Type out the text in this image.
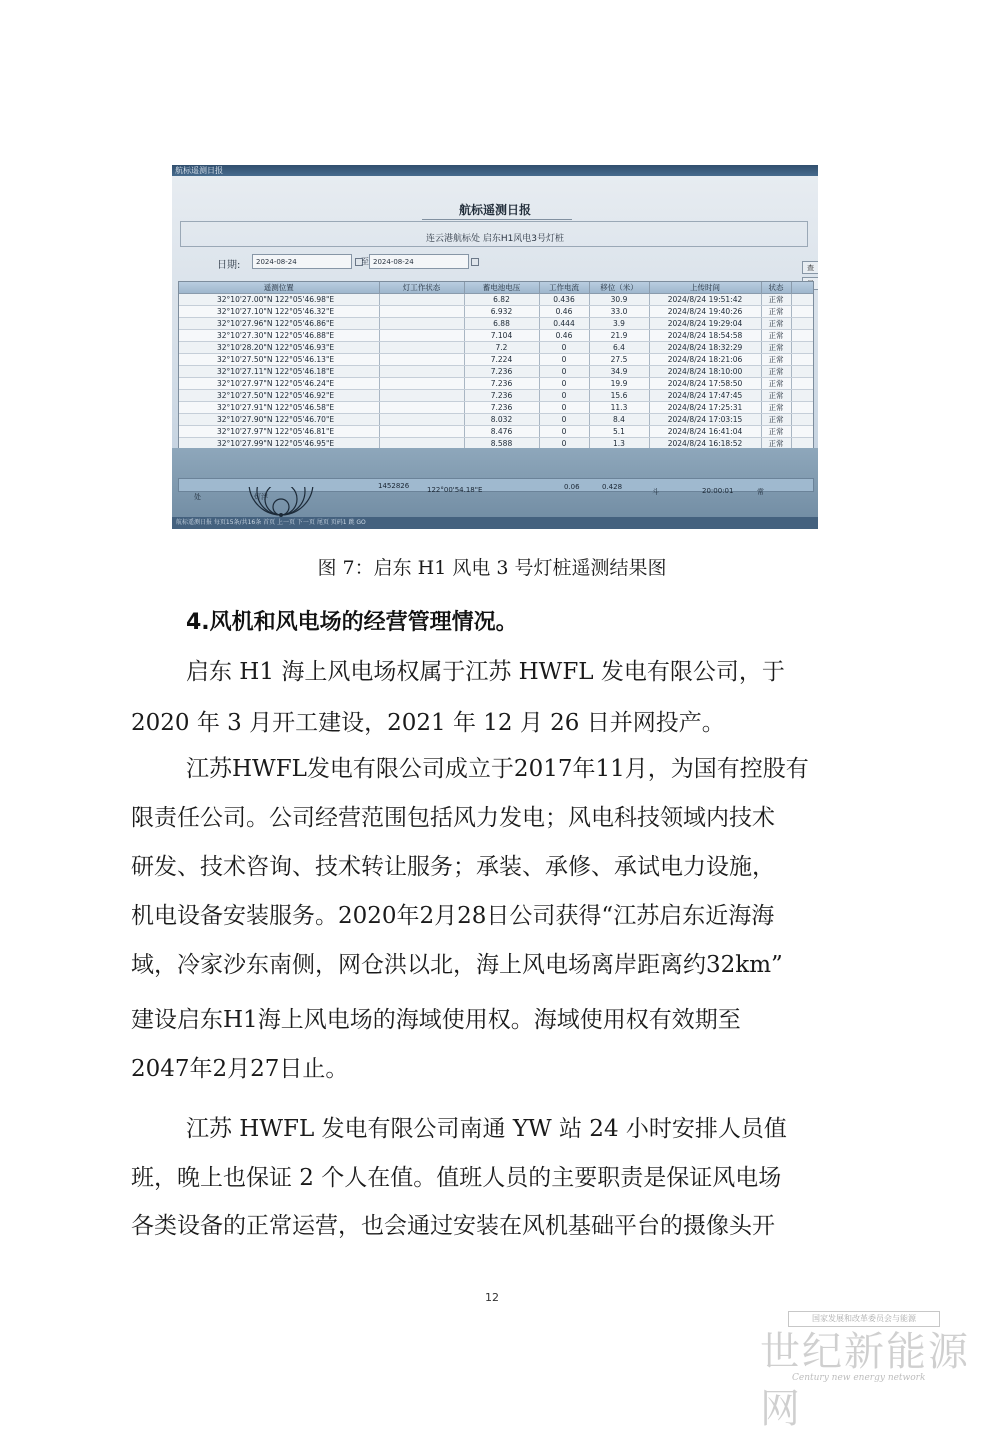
航标遥测日报
航标遥测日报
连云港航标处 启东H1风电3号灯桩
日期:	2024-08-24	至 2024-08-24
查
遥测位置	灯工作状态	蓄电池电压	工作电流	移位（米）	上传时间	状态	
32°10'27.00"N 122°05'46.98"E		6.82	0.436	30.9	2024/8/24 19:51:42	正常	
32°10'27.10"N 122°05'46.32"E		6.932	0.46	33.0	2024/8/24 19:40:26	正常	
32°10'27.96"N 122°05'46.86"E		6.88	0.444	3.9	2024/8/24 19:29:04	正常	
32°10'27.30"N 122°05'46.88"E		7.104	0.46	21.9	2024/8/24 18:54:58	正常	
32°10'28.20"N 122°05'46.93"E		7.2	0	6.4	2024/8/24 18:32:29	正常	
32°10'27.50"N 122°05'46.13"E		7.224	0	27.5	2024/8/24 18:21:06	正常	
32°10'27.11"N 122°05'46.18"E		7.236	0	34.9	2024/8/24 18:10:00	正常	
32°10'27.97"N 122°05'46.24"E		7.236	0	19.9	2024/8/24 17:58:50	正常	
32°10'27.50"N 122°05'46.92"E		7.236	0	15.6	2024/8/24 17:47:45	正常	
32°10'27.91"N 122°05'46.58"E		7.236	0	11.3	2024/8/24 17:25:31	正常	
32°10'27.90"N 122°05'46.70"E		8.032	0	8.4	2024/8/24 17:03:15	正常	
32°10'27.97"N 122°05'46.81"E		8.476	0	5.1	2024/8/24 16:41:04	正常	
32°10'27.99"N 122°05'46.95"E		8.588	0	1.3	2024/8/24 16:18:52	正常	

处	灯浮
1452826	122°00'54.18"E	0.06	0.428
斗	20:00:01	常
航标遥测日报 每页15条/共16条 首页 上一页 下一页 尾页 页码1 跳 GO
图 7：启东 H1 风电 3 号灯桩遥测结果图
4.风机和风电场的经营管理情况。
启东 H1 海上风电场权属于江苏 HWFL 发电有限公司，于
2020 年 3 月开工建设，2021 年 12 月 26 日并网投产。
江苏HWFL发电有限公司成立于2017年11月，为国有控股有
限责任公司。公司经营范围包括风力发电；风电科技领域内技术
研发、技术咨询、技术转让服务；承装、承修、承试电力设施，
机电设备安装服务。2020年2月28日公司获得“江苏启东近海海
域，冷家沙东南侧，网仓洪以北，海上风电场离岸距离约32km”
建设启东H1海上风电场的海域使用权。海域使用权有效期至
2047年2月27日止。
江苏 HWFL 发电有限公司南通 YW 站 24 小时安排人员值
班，晚上也保证 2 个人在值。值班人员的主要职责是保证风电场
各类设备的正常运营，也会通过安装在风机基础平台的摄像头开
12
国家发展和改革委员会与能源
世纪新能源网
Century new energy network
